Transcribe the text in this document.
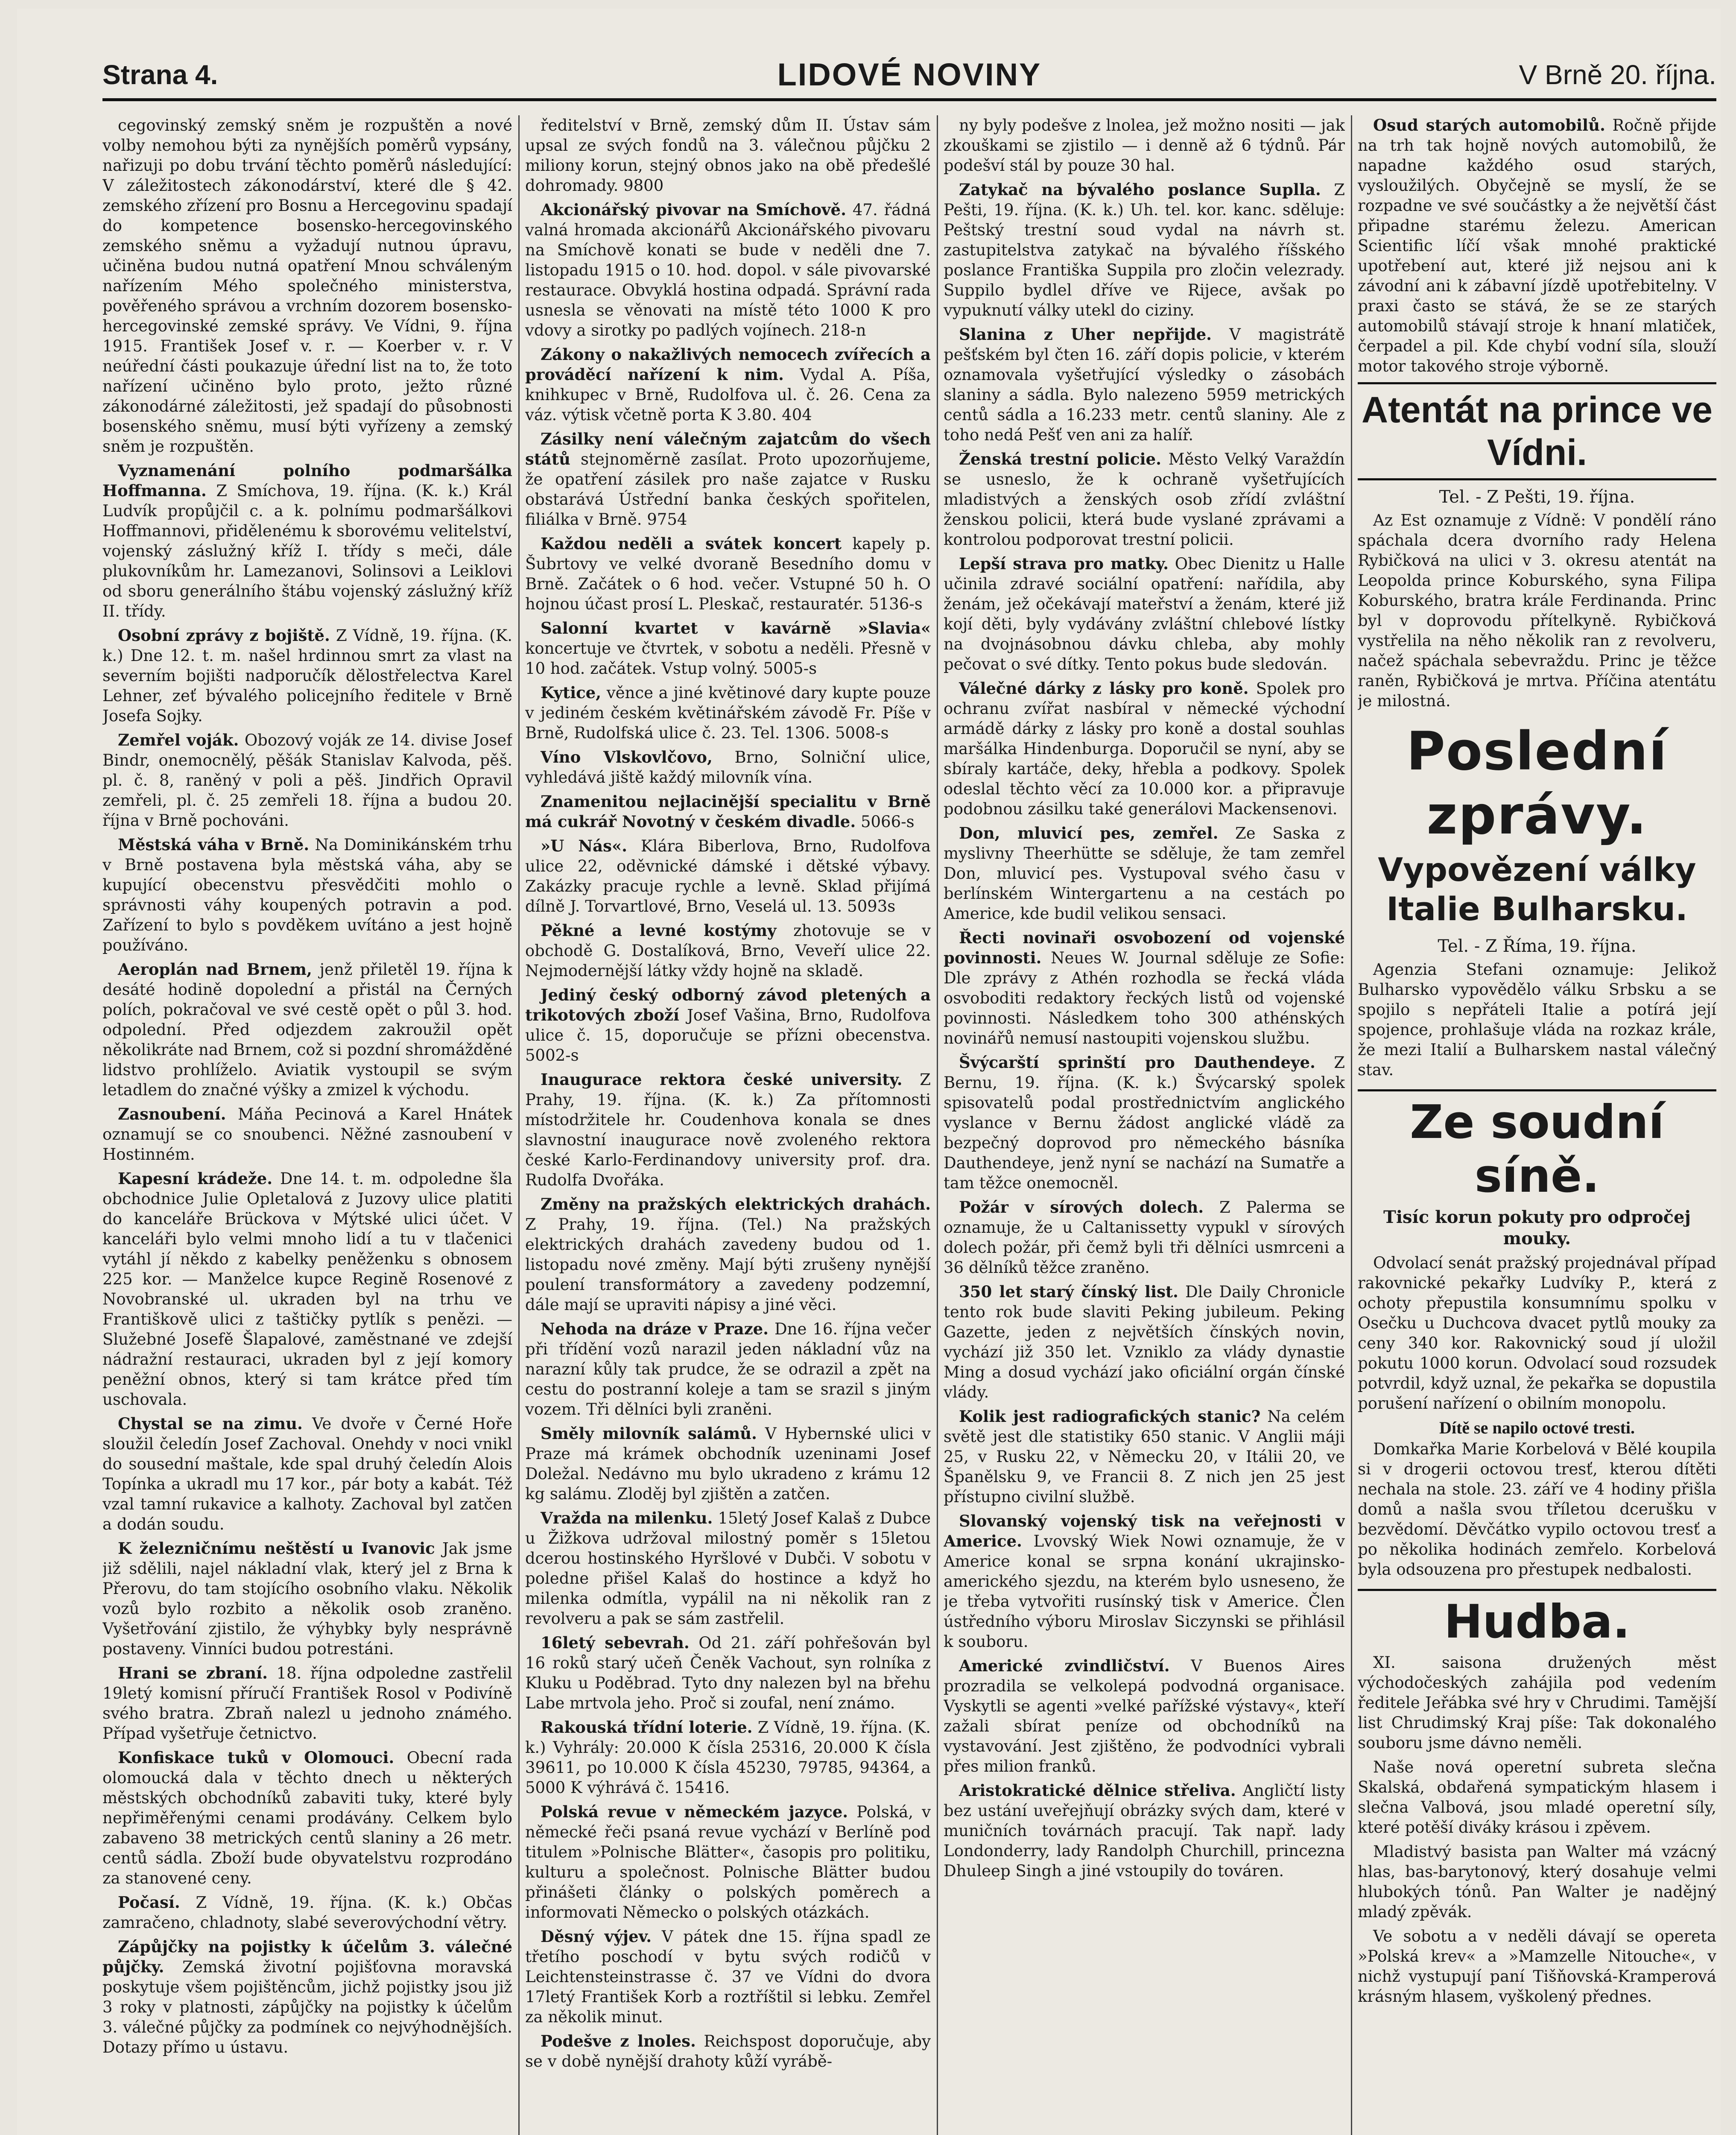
Strana 4.	LIDOVÉ NOVINY	V Brně 20. října.

cegovinský zemský sněm je rozpuštěn a nové volby nemohou býti za nynějších poměrů vypsány, nařizuji po dobu trvání těchto poměrů následující: V záležitostech zákonodárství, které dle § 42. zemského zřízení pro Bosnu a Hercegovinu spadají do kompetence bosensko-hercegovinského zemského sněmu a vyžadují nutnou úpravu, učiněna budou nutná opatření Mnou schváleným nařízením Mého společného ministerstva, pověřeného správou a vrchním dozorem bosensko-hercegovinské zemské správy. Ve Vídni, 9. října 1915. František Josef v. r. — Koerber v. r. V neúřední části poukazuje úřední list na to, že toto nařízení učiněno bylo proto, ježto různé zákonodárné záležitosti, jež spadají do působnosti bosenského sněmu, musí býti vyřízeny a zemský sněm je rozpuštěn.

Vyznamenání polního podmaršálka Hoffmanna. Z Smíchova, 19. října. (K. k.) Král Ludvík propůjčil c. a k. polnímu podmaršálkovi Hoffmannovi, přidělenému k sborovému velitelství, vojenský záslužný kříž I. třídy s meči, dále plukovníkům hr. Lamezanovi, Solinsovi a Leiklovi od sboru generálního štábu vojenský záslužný kříž II. třídy.

Osobní zprávy z bojiště. Z Vídně, 19. října. (K. k.) Dne 12. t. m. našel hrdinnou smrt za vlast na severním bojišti nadporučík dělostřelectva Karel Lehner, zeť bývalého policejního ředitele v Brně Josefa Sojky.

Zemřel voják. Obozový voják ze 14. divise Josef Bindr, onemocnělý, pěšák Stanislav Kalvoda, pěš. pl. č. 8, raněný v poli a pěš. Jindřich Opravil zemřeli, pl. č. 25 zemřeli 18. října a budou 20. října v Brně pochováni.

Městská váha v Brně. Na Dominikánském trhu v Brně postavena byla městská váha, aby se kupující obecenstvu přesvědčiti mohlo o správnosti váhy koupených potravin a pod. Zařízení to bylo s povděkem uvítáno a jest hojně používáno.

Aeroplán nad Brnem, jenž přiletěl 19. října k desáté hodině dopolední a přistál na Černých polích, pokračoval ve své cestě opět o půl 3. hod. odpolední. Před odjezdem zakroužil opět několikráte nad Brnem, což si pozdní shromážděné lidstvo prohlíželo. Aviatik vystoupil se svým letadlem do značné výšky a zmizel k východu.

Zasnoubení. Máňa Pecinová a Karel Hnátek oznamují se co snoubenci. Něžné zasnoubení v Hostinném.

Kapesní krádeže. Dne 14. t. m. odpoledne šla obchodnice Julie Opletalová z Juzovy ulice platiti do kanceláře Brückova v Mýtské ulici účet. V kanceláři bylo velmi mnoho lidí a tu v tlačenici vytáhl jí někdo z kabelky peněženku s obnosem 225 kor. — Manželce kupce Regině Rosenové z Novobranské ul. ukraden byl na trhu ve Františkově ulici z taštičky pytlík s penězi. — Služebné Josefě Šlapalové, zaměstnané ve zdejší nádražní restauraci, ukraden byl z její komory peněžní obnos, který si tam krátce před tím uschovala.

Chystal se na zimu. Ve dvoře v Černé Hoře sloužil čeledín Josef Zachoval. Onehdy v noci vnikl do sousední maštale, kde spal druhý čeledín Alois Topínka a ukradl mu 17 kor., pár boty a kabát. Též vzal tamní rukavice a kalhoty. Zachoval byl zatčen a dodán soudu.

K železničnímu neštěstí u Ivanovic Jak jsme již sdělili, najel nákladní vlak, který jel z Brna k Přerovu, do tam stojícího osobního vlaku. Několik vozů bylo rozbito a několik osob zraněno. Vyšetřování zjistilo, že výhybky byly nesprávně postaveny. Vinníci budou potrestáni.

Hrani se zbraní. 18. října odpoledne zastřelil 19letý komisní příručí František Rosol v Podivíně svého bratra. Zbraň nalezl u jednoho známého. Případ vyšetřuje četnictvo.

Konfiskace tuků v Olomouci. Obecní rada olomoucká dala v těchto dnech u některých městských obchodníků zabaviti tuky, které byly nepřiměřenými cenami prodávány. Celkem bylo zabaveno 38 metrických centů slaniny a 26 metr. centů sádla. Zboží bude obyvatelstvu rozprodáno za stanovené ceny.

Počasí. Z Vídně, 19. října. (K. k.) Občas zamračeno, chladnoty, slabé severovýchodní větry.

Zápůjčky na pojistky k účelům 3. válečné půjčky. Zemská životní pojišťovna moravská poskytuje všem pojištěncům, jichž pojistky jsou již 3 roky v platnosti, zápůjčky na pojistky k účelům 3. válečné půjčky za podmínek co nejvýhodnějších. Dotazy přímo u ústavu.

ředitelství v Brně, zemský dům II. Ústav sám upsal ze svých fondů na 3. válečnou půjčku 2 miliony korun, stejný obnos jako na obě předešlé dohromady. 9800

Akcionářský pivovar na Smíchově. 47. řádná valná hromada akcionářů Akcionářského pivovaru na Smíchově konati se bude v neděli dne 7. listopadu 1915 o 10. hod. dopol. v sále pivovarské restaurace. Obvyklá hostina odpadá. Správní rada usnesla se věnovati na místě této 1000 K pro vdovy a sirotky po padlých vojínech. 218-n

Zákony o nakažlivých nemocech zvířecích a prováděcí nařízení k nim. Vydal A. Píša, knihkupec v Brně, Rudolfova ul. č. 26. Cena za váz. výtisk včetně porta K 3.80. 404

Zásilky není válečným zajatcům do všech států stejnoměrně zasílat. Proto upozorňujeme, že opatření zásilek pro naše zajatce v Rusku obstarává Ústřední banka českých spořitelen, filiálka v Brně. 9754

Každou neděli a svátek koncert kapely p. Šubrtovy ve velké dvoraně Besedního domu v Brně. Začátek o 6 hod. večer. Vstupné 50 h. O hojnou účast prosí L. Pleskač, restauratér. 5136-s

Salonní kvartet v kavárně »Slavia« koncertuje ve čtvrtek, v sobotu a neděli. Přesně v 10 hod. začátek. Vstup volný. 5005-s

Kytice, věnce a jiné květinové dary kupte pouze v jediném českém květinářském závodě Fr. Píše v Brně, Rudolfská ulice č. 23. Tel. 1306. 5008-s

Víno Vlskovlčovo, Brno, Solniční ulice, vyhledává jiště každý milovník vína.

Znamenitou nejlacinější specialitu v Brně má cukrář Novotný v českém divadle. 5066-s

»U Nás«. Klára Biberlova, Brno, Rudolfova ulice 22, oděvnické dámské i dětské výbavy. Zakázky pracuje rychle a levně. Sklad přijímá dílně J. Torvartlové, Brno, Veselá ul. 13. 5093s

Pěkné a levné kostýmy zhotovuje se v obchodě G. Dostalíková, Brno, Veveří ulice 22. Nejmodernější látky vždy hojně na skladě.

Jediný český odborný závod pletených a trikotových zboží Josef Vašina, Brno, Rudolfova ulice č. 15, doporučuje se přízni obecenstva. 5002-s

Inaugurace rektora české university. Z Prahy, 19. října. (K. k.) Za přítomnosti místodržitele hr. Coudenhova konala se dnes slavnostní inaugurace nově zvoleného rektora české Karlo-Ferdinandovy university prof. dra. Rudolfa Dvořáka.

Změny na pražských elektrických drahách. Z Prahy, 19. října. (Tel.) Na pražských elektrických drahách zavedeny budou od 1. listopadu nové změny. Mají býti zrušeny nynější poulení transformátory a zavedeny podzemní, dále mají se upraviti nápisy a jiné věci.

Nehoda na dráze v Praze. Dne 16. října večer při třídění vozů narazil jeden nákladní vůz na narazní kůly tak prudce, že se odrazil a zpět na cestu do postranní koleje a tam se srazil s jiným vozem. Tři dělníci byli zraněni.

Směly milovník salámů. V Hybernské ulici v Praze má krámek obchodník uzeninami Josef Doležal. Nedávno mu bylo ukradeno z krámu 12 kg salámu. Zloděj byl zjištěn a zatčen.

Vražda na milenku. 15letý Josef Kalaš z Dubce u Žižkova udržoval milostný poměr s 15letou dcerou hostinského Hyršlové v Dubči. V sobotu v poledne přišel Kalaš do hostince a když ho milenka odmítla, vypálil na ni několik ran z revolveru a pak se sám zastřelil.

16letý sebevrah. Od 21. září pohřešován byl 16 roků starý učeň Čeněk Vachout, syn rolníka z Kluku u Poděbrad. Tyto dny nalezen byl na břehu Labe mrtvola jeho. Proč si zoufal, není známo.

Rakouská třídní loterie. Z Vídně, 19. října. (K. k.) Vyhrály: 20.000 K čísla 25316, 20.000 K čísla 39611, po 10.000 K čísla 45230, 79785, 94364, a 5000 K výhrává č. 15416.

Polská revue v německém jazyce. Polská, v německé řeči psaná revue vychází v Berlíně pod titulem »Polnische Blätter«, časopis pro politiku, kulturu a společnost. Polnische Blätter budou přinášeti články o polských poměrech a informovati Německo o polských otázkách.

Děsný výjev. V pátek dne 15. října spadl ze třetího poschodí v bytu svých rodičů v Leichtensteinstrasse č. 37 ve Vídni do dvora 17letý František Korb a roztříštil si lebku. Zemřel za několik minut.

Podešve z lnoles. Reichspost doporučuje, aby se v době nynější drahoty kůží vyrábě-

ny byly podešve z lnolea, jež možno nositi — jak zkouškami se zjistilo — i denně až 6 týdnů. Pár podešví stál by pouze 30 hal.

Zatykač na bývalého poslance Suplla. Z Pešti, 19. října. (K. k.) Uh. tel. kor. kanc. sděluje: Peštský trestní soud vydal na návrh st. zastupitelstva zatykač na bývalého říšského poslance Františka Suppila pro zločin velezrady. Suppilo bydlel dříve ve Rijece, avšak po vypuknutí války utekl do ciziny.

Slanina z Uher nepřijde. V magistrátě pešťském byl čten 16. září dopis policie, v kterém oznamovala vyšetřující výsledky o zásobách slaniny a sádla. Bylo nalezeno 5959 metrických centů sádla a 16.233 metr. centů slaniny. Ale z toho nedá Pešť ven ani za halíř.

Ženská trestní policie. Město Velký Varaždín se usneslo, že k ochraně vyšetřujících mladistvých a ženských osob zřídí zvláštní ženskou policii, která bude vyslané zprávami a kontrolou podporovat trestní policii.

Lepší strava pro matky. Obec Dienitz u Halle učinila zdravé sociální opatření: nařídila, aby ženám, jež očekávají mateřství a ženám, které již kojí děti, byly vydávány zvláštní chlebové lístky na dvojnásobnou dávku chleba, aby mohly pečovat o své dítky. Tento pokus bude sledován.

Válečné dárky z lásky pro koně. Spolek pro ochranu zvířat nasbíral v německé východní armádě dárky z lásky pro koně a dostal souhlas maršálka Hindenburga. Doporučil se nyní, aby se sbíraly kartáče, deky, hřebla a podkovy. Spolek odeslal těchto věcí za 10.000 kor. a připravuje podobnou zásilku také generálovi Mackensenovi.

Don, mluvicí pes, zemřel. Ze Saska z myslivny Theerhütte se sděluje, že tam zemřel Don, mluvicí pes. Vystupoval svého času v berlínském Wintergartenu a na cestách po Americe, kde budil velikou sensaci.

Řecti novinaři osvobození od vojenské povinnosti. Neues W. Journal sděluje ze Sofie: Dle zprávy z Athén rozhodla se řecká vláda osvoboditi redaktory řeckých listů od vojenské povinnosti. Následkem toho 300 athénských novinářů nemusí nastoupiti vojenskou službu.

Švýcarští sprinští pro Dauthendeye. Z Bernu, 19. října. (K. k.) Švýcarský spolek spisovatelů podal prostřednictvím anglického vyslance v Bernu žádost anglické vládě za bezpečný doprovod pro německého básníka Dauthendeye, jenž nyní se nachází na Sumatře a tam těžce onemocněl.

Požár v sírových dolech. Z Palerma se oznamuje, že u Caltanissetty vypukl v sírových dolech požár, při čemž byli tři dělníci usmrceni a 36 dělníků těžce zraněno.

350 let starý čínský list. Dle Daily Chronicle tento rok bude slaviti Peking jubileum. Peking Gazette, jeden z největších čínských novin, vychází již 350 let. Vzniklo za vlády dynastie Ming a dosud vychází jako oficiální orgán čínské vlády.

Kolik jest radiografických stanic? Na celém světě jest dle statistiky 650 stanic. V Anglii máji 25, v Rusku 22, v Německu 20, v Itálii 20, ve Španělsku 9, ve Francii 8. Z nich jen 25 jest přístupno civilní službě.

Slovanský vojenský tisk na veřejnosti v Americe. Lvovský Wiek Nowi oznamuje, že v Americe konal se srpna konání ukrajinsko-amerického sjezdu, na kterém bylo usneseno, že je třeba vytvořiti rusínský tisk v Americe. Člen ústředního výboru Miroslav Siczynski se přihlásil k souboru.

Americké zvindličství. V Buenos Aires prozradila se velkolepá podvodná organisace. Vyskytli se agenti »velké pařížské výstavy«, kteří zažali sbírat peníze od obchodníků na vystavování. Jest zjištěno, že podvodníci vybrali přes milion franků.

Aristokratické dělnice střeliva. Angličtí listy bez ustání uveřejňují obrázky svých dam, které v muničních továrnách pracují. Tak např. lady Londonderry, lady Randolph Churchill, princezna Dhuleep Singh a jiné vstoupily do továren.

Osud starých automobilů. Ročně přijde na trh tak hojně nových automobilů, že napadne každého osud starých, vysloužilých. Obyčejně se myslí, že se rozpadne ve své součástky a že největší část připadne starému železu. American Scientific líčí však mnohé praktické upotřebení aut, které již nejsou ani k závodní ani k zábavní jízdě upotřebitelny. V praxi často se stává, že se ze starých automobilů stávají stroje k hnaní mlatiček, čerpadel a pil. Kde chybí vodní síla, slouží motor takového stroje výborně.

Atentát na prince ve Vídni.

Tel. - Z Pešti, 19. října.

Az Est oznamuje z Vídně: V pondělí ráno spáchala dcera dvorního rady Helena Rybičková na ulici v 3. okresu atentát na Leopolda prince Koburského, syna Filipa Koburského, bratra krále Ferdinanda. Princ byl v doprovodu přítelkyně. Rybičková vystřelila na něho několik ran z revolveru, načež spáchala sebevraždu. Princ je těžce raněn, Rybičková je mrtva. Příčina atentátu je milostná.

Poslední zprávy.
Vypovězení války Italie Bulharsku.

Tel. - Z Říma, 19. října.

Agenzia Stefani oznamuje: Jelikož Bulharsko vypovědělo válku Srbsku a se spojilo s nepřáteli Italie a potírá její spojence, prohlašuje vláda na rozkaz krále, že mezi Italií a Bulharskem nastal válečný stav.

Ze soudní síně.

Tisíc korun pokuty pro odpročej mouky.

Odvolací senát pražský projednával případ rakovnické pekařky Ludvíky P., která z ochoty přepustila konsumnímu spolku v Osečku u Duchcova dvacet pytlů mouky za ceny 340 kor. Rakovnický soud jí uložil pokutu 1000 korun. Odvolací soud rozsudek potvrdil, když uznal, že pekařka se dopustila porušení nařízení o obilním monopolu.

Dítě se napilo octové tresti.

Domkařka Marie Korbelová v Bělé koupila si v drogerii octovou tresť, kterou dítěti nechala na stole. 23. září ve 4 hodiny přišla domů a našla svou tříletou dcerušku v bezvědomí. Děvčátko vypilo octovou tresť a po několika hodinách zemřelo. Korbelová byla odsouzena pro přestupek nedbalosti.

Hudba.

XI. saisona družených měst východočeských zahájila pod vedením ředitele Jeřábka své hry v Chrudimi. Tamější list Chrudimský Kraj píše: Tak dokonalého souboru jsme dávno neměli.

Naše nová operetní subreta slečna Skalská, obdařená sympatickým hlasem i slečna Valbová, jsou mladé operetní síly, které potěší diváky krásou i zpěvem.

Mladistvý basista pan Walter má vzácný hlas, bas-barytonový, který dosahuje velmi hlubokých tónů. Pan Walter je nadějný mladý zpěvák.

Ve sobotu a v neděli dávají se opereta »Polská krev« a »Mamzelle Nitouche«, v nichž vystupují paní Tišňovská-Kramperová krásným hlasem, vyškolený přednes.
